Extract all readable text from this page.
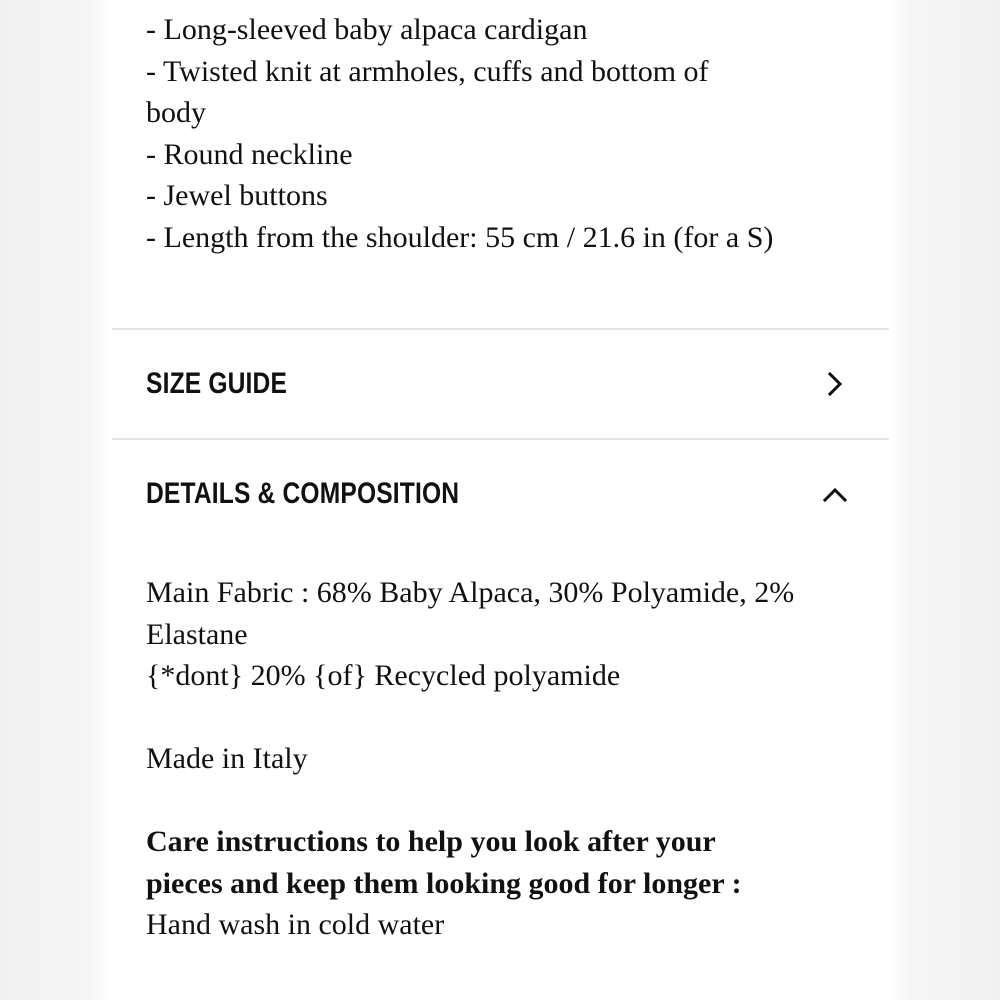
- Long-sleeved baby alpaca cardigan
- Twisted knit at armholes, cuffs and bottom of
body
- Round neckline
- Jewel buttons
- Length from the shoulder: 55 cm / 21.6 in (for a S)
SIZE GUIDE
DETAILS & COMPOSITION
Main Fabric : 68% Baby Alpaca, 30% Polyamide, 2%
Elastane
{*dont} 20% {of} Recycled polyamide
Made in Italy
Care instructions to help you look after your
pieces and keep them looking good for longer :
Hand wash in cold water
